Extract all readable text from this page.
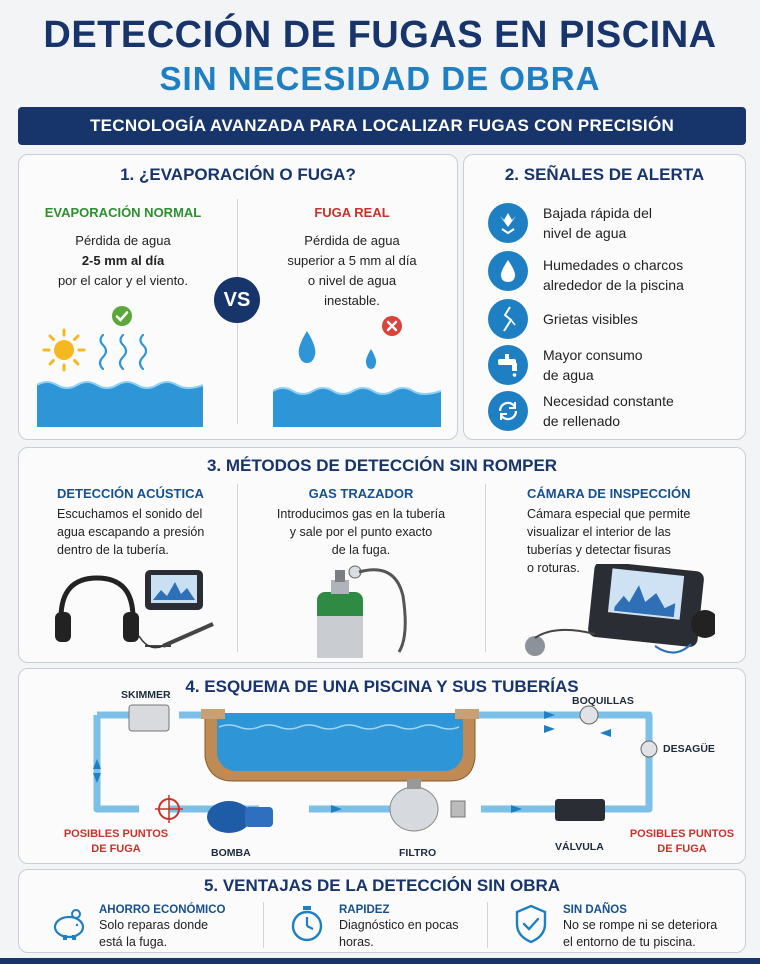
DETECCIÓN DE FUGAS EN PISCINA
SIN NECESIDAD DE OBRA
TECNOLOGÍA AVANZADA PARA LOCALIZAR FUGAS CON PRECISIÓN
1. ¿EVAPORACIÓN O FUGA?
EVAPORACIÓN NORMAL
Pérdida de agua
2-5 mm al día
por el calor y el viento.
VS
FUGA REAL
Pérdida de agua
superior a 5 mm al día
o nivel de agua
inestable.
2. SEÑALES DE ALERTA
Bajada rápida del
nivel de agua
Humedades o charcos
alrededor de la piscina
Grietas visibles
Mayor consumo
de agua
Necesidad constante
de rellenado
3. MÉTODOS DE DETECCIÓN SIN ROMPER
DETECCIÓN ACÚSTICA
Escuchamos el sonido del
agua escapando a presión
dentro de la tubería.
GAS TRAZADOR
Introducimos gas en la tubería
y sale por el punto exacto
de la fuga.
CÁMARA DE INSPECCIÓN
Cámara especial que permite
visualizar el interior de las
tuberías y detectar fisuras
o roturas.
4. ESQUEMA DE UNA PISCINA Y SUS TUBERÍAS
SKIMMER	BOQUILLAS
DESAGÜE
BOMBA	FILTRO	VÁLVULA
POSIBLES PUNTOS
DE FUGA
POSIBLES PUNTOS
DE FUGA
5. VENTAJAS DE LA DETECCIÓN SIN OBRA
AHORRO ECONÓMICO
Solo reparas donde
está la fuga.
RAPIDEZ
Diagnóstico en pocas
horas.
SIN DAÑOS
No se rompe ni se deteriora
el entorno de tu piscina.
